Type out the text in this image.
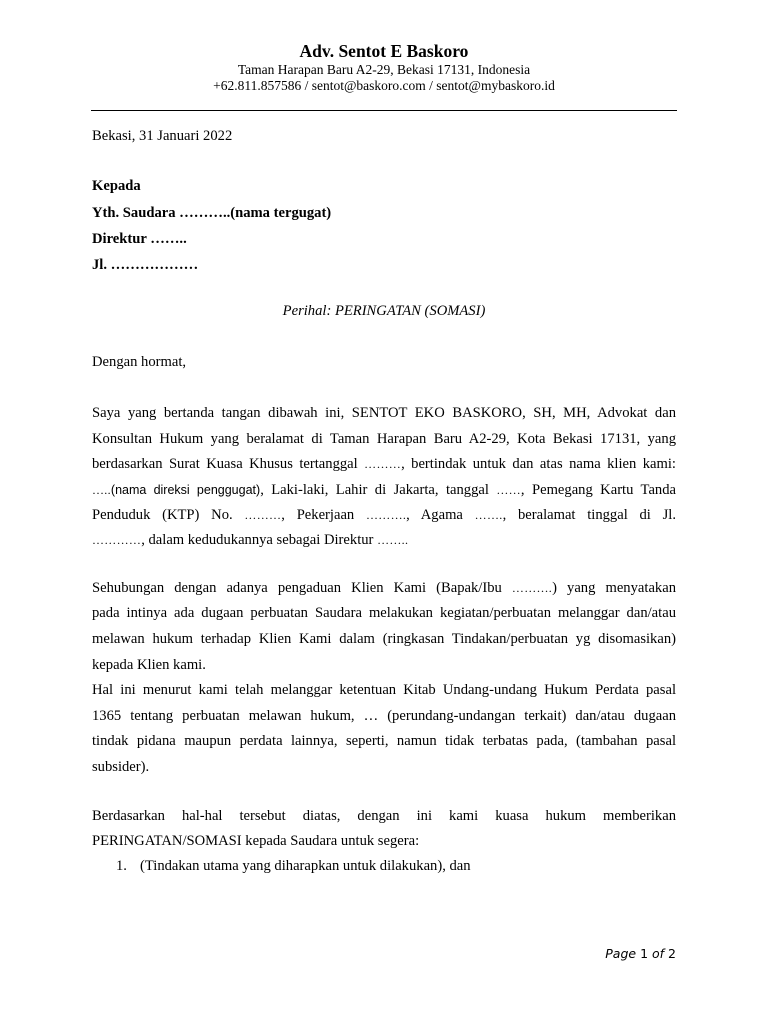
Adv. Sentot E Baskoro
Taman Harapan Baru A2-29, Bekasi 17131, Indonesia
+62.811.857586 / sentot@baskoro.com / sentot@mybaskoro.id
Bekasi, 31 Januari 2022
Kepada
Yth. Saudara ………..(nama tergugat)
Direktur ……..
Jl. ………………
Perihal: PERINGATAN (SOMASI)
Dengan hormat,
Saya yang bertanda tangan dibawah ini, SENTOT EKO BASKORO, SH, MH, Advokat dan
Konsultan Hukum yang beralamat di Taman Harapan Baru A2-29, Kota Bekasi 17131, yang
berdasarkan Surat Kuasa Khusus tertanggal ………, bertindak untuk dan atas nama klien kami:
…..(nama direksi penggugat), Laki-laki, Lahir di Jakarta, tanggal ……, Pemegang Kartu Tanda
Penduduk (KTP) No. ………, Pekerjaan ………., Agama ……., beralamat tinggal di Jl.
…………, dalam kedudukannya sebagai Direktur ……..
Sehubungan dengan adanya pengaduan Klien Kami (Bapak/Ibu ……….) yang menyatakan
pada intinya ada dugaan perbuatan Saudara melakukan kegiatan/perbuatan melanggar dan/atau
melawan hukum terhadap Klien Kami dalam (ringkasan Tindakan/perbuatan yg disomasikan)
kepada Klien kami.
Hal ini menurut kami telah melanggar ketentuan Kitab Undang-undang Hukum Perdata pasal
1365 tentang perbuatan melawan hukum, … (perundang-undangan terkait) dan/atau dugaan
tindak pidana maupun perdata lainnya, seperti, namun tidak terbatas pada, (tambahan pasal
subsider).
Berdasarkan hal-hal tersebut diatas, dengan ini kami kuasa hukum memberikan
PERINGATAN/SOMASI kepada Saudara untuk segera:
1. (Tindakan utama yang diharapkan untuk dilakukan), dan
Page 1 of 2
